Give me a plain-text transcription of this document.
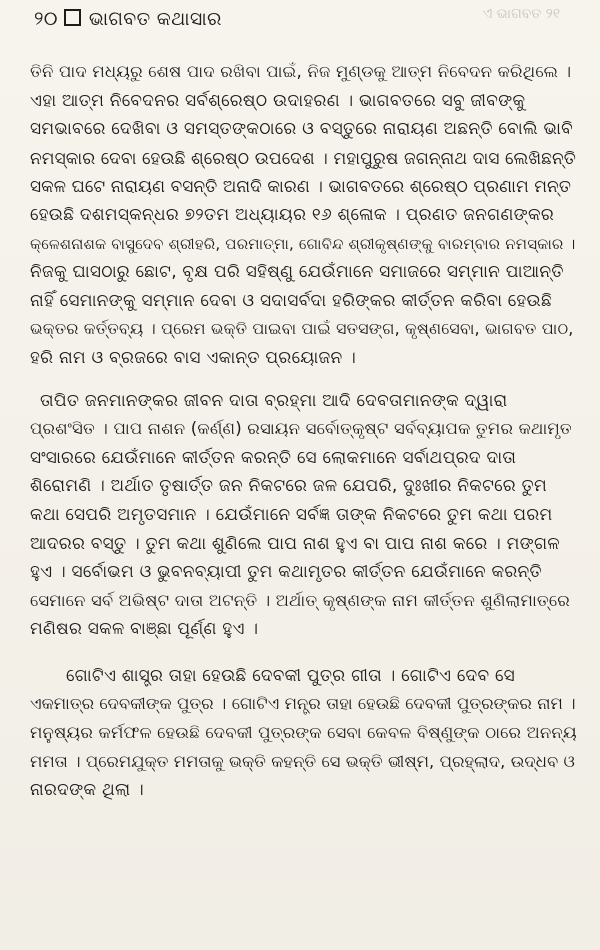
୨୦ ଭାଗବତ କଥାସାର	ଏ ଭାଗବତ ୨୧

ତିନି ପାଦ ମଧ୍ୟରୁ ଶେଷ ପାଦ ରଖିବା ପାଇଁ, ନିଜ ମୁଣ୍ଡକୁ ଆତ୍ମ ନିବେଦନ କରିଥିଲେ ।

ଏହା ଆତ୍ମ ନିବେଦନର ସର୍ବଶ୍ରେଷ୍ଠ ଉଦାହରଣ । ଭାଗବତରେ ସବୁ ଜୀବଙ୍କୁ

ସମଭାବରେ ଦେଖିବା ଓ ସମସ୍ତଙ୍କଠାରେ ଓ ବସ୍ତୁରେ ନାରାୟଣ ଅଛନ୍ତି ବୋଲି ଭାବି

ନମସ୍କାର ଦେବା ହେଉଛି ଶ୍ରେଷ୍ଠ ଉପଦେଶ । ମହାପୁରୁଷ ଜଗନ୍ନାଥ ଦାସ ଲେଖିଛନ୍ତି

ସକଳ ଘଟେ ନାରାୟଣ ବସନ୍ତି ଅନାଦି କାରଣ । ଭାଗବତରେ ଶ୍ରେଷ୍ଠ ପ୍ରଣାମ ମନ୍ତ

ହେଉଛି ଦଶମସ୍କନ୍ଧର ୭୨ତମ ଅଧ୍ୟାୟର ୧୬ ଶ୍ଳୋକ । ପ୍ରଣତ ଜନଗଣଙ୍କର

କ୍ଳେଶନାଶକ ବାସୁଦେବ ଶ୍ରୀହରି, ପରମାତ୍ମା, ଗୋବିନ୍ଦ ଶ୍ରୀକୃଷ୍ଣଙ୍କୁ ବାରମ୍ବାର ନମସ୍କାର ।

ନିଜକୁ ଘାସଠାରୁ ଛୋଟ, ବୃକ୍ଷ ପରି ସହିଷ୍ଣୁ ଯେଉଁମାନେ ସମାଜରେ ସମ୍ମାନ ପାଆନ୍ତି

ନାହିଁ ସେମାନଙ୍କୁ ସମ୍ମାନ ଦେବା ଓ ସଦାସର୍ବଦା ହରିଙ୍କର କୀର୍ତ୍ତନ କରିବା ହେଉଛି

ଭକ୍ତର କର୍ତ୍ତବ୍ୟ । ପ୍ରେମ ଭକ୍ତି ପାଇବା ପାଇଁ ସତସଙ୍ଗ, କୃଷ୍ଣସେବା, ଭାଗବତ ପାଠ,

ହରି ନାମ ଓ ବ୍ରଜରେ ବାସ ଏକାନ୍ତ ପ୍ରୟୋଜନ ।

ତାପିତ ଜନମାନଙ୍କର ଜୀବନ ଦାତା ବ୍ରହ୍ମା ଆଦି ଦେବତାମାନଙ୍କ ଦ୍ୱାରା

ପ୍ରଶଂସିତ । ପାପ ନାଶନ (କର୍ଣ୍ଣ) ରସାୟନ ସର୍ବୋତ୍କୃଷ୍ଟ ସର୍ବବ୍ୟାପକ ତୁମର କଥାମୃତ

ସଂସାରରେ ଯେଉଁମାନେ କୀର୍ତ୍ତନ କରନ୍ତି ସେ ଲୋକମାନେ ସର୍ବାଥପ୍ରଦ ଦାତା

ଶିରୋମଣି । ଅର୍ଥାତ ତୃଷାର୍ତ୍ତ ଜନ ନିକଟରେ ଜଳ ଯେପରି, ଦୁଃଖୀର ନିକଟରେ ତୁମ

କଥା ସେପରି ଅମୃତସମାନ । ଯେଉଁମାନେ ସର୍ବଜ୍ଞ ତାଙ୍କ ନିକଟରେ ତୁମ କଥା ପରମ

ଆଦରର ବସ୍ତୁ । ତୁମ କଥା ଶୁଣିଲେ ପାପ ନାଶ ହୁଏ ବା ପାପ ନାଶ କରେ । ମଙ୍ଗଳ

ହୁଏ । ସର୍ବୋଭମ ଓ ଭୁବନବ୍ୟାପୀ ତୁମ କଥାମୃତର କୀର୍ତ୍ତନ ଯେଉଁମାନେ କରନ୍ତି

ସେମାନେ ସର୍ବ ଅଭିଷ୍ଟ ଦାତା ଅଟନ୍ତି । ଅର୍ଥାତ୍ କୃଷ୍ଣଙ୍କ ନାମ କୀର୍ତ୍ତନ ଶୁଣିଲାମାତ୍ରେ

ମଣିଷର ସକଳ ବାଞ୍ଛା ପୂର୍ଣ୍ଣ ହୁଏ ।

ଗୋଟିଏ ଶାସ୍ତ୍ର ତାହା ହେଉଛି ଦେବକୀ ପୁତ୍ର ଗୀତା । ଗୋଟିଏ ଦେବ ସେ

ଏକମାତ୍ର ଦେବକୀଙ୍କ ପୁତ୍ର । ଗୋଟିଏ ମନ୍ତ୍ର ତାହା ହେଉଛି ଦେବକୀ ପୁତ୍ରଙ୍କର ନାମ ।

ମନୁଷ୍ୟର କର୍ମଫଳ ହେଉଛି ଦେବକୀ ପୁତ୍ରଙ୍କ ସେବା କେବଳ ବିଷ୍ଣୁଙ୍କ ଠାରେ ଅନନ୍ୟ

ମମତା । ପ୍ରେମଯୁକ୍ତ ମମତାକୁ ଭକ୍ତି କହନ୍ତି ସେ ଭକ୍ତି ଭୀଷ୍ମ, ପ୍ରହ୍ଲାଦ, ଉଦ୍ଧବ ଓ

ନାରଦଙ୍କ ଥିଲା ।
